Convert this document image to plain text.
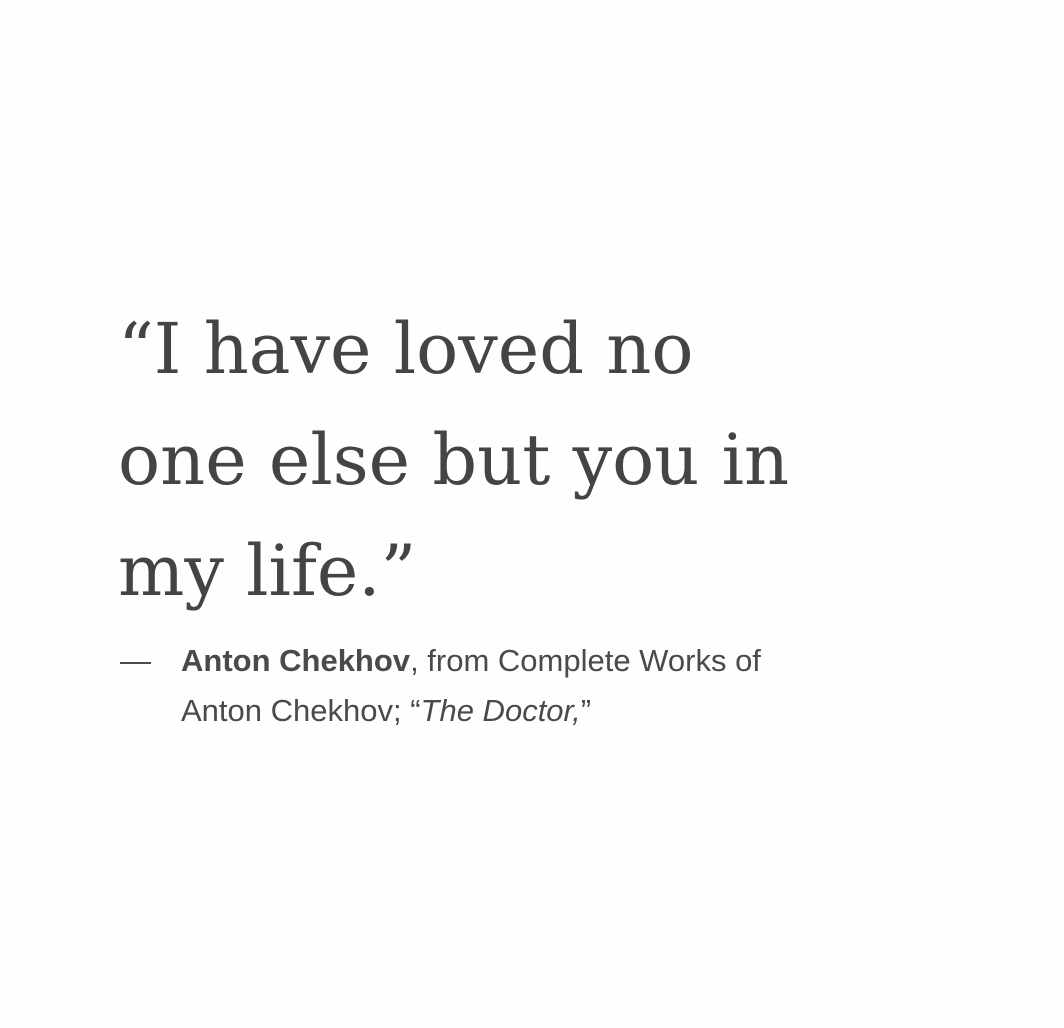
“I have loved no
one else but you in
my life.”

— Anton Chekhov, from Complete Works of
Anton Chekhov; “The Doctor,”
